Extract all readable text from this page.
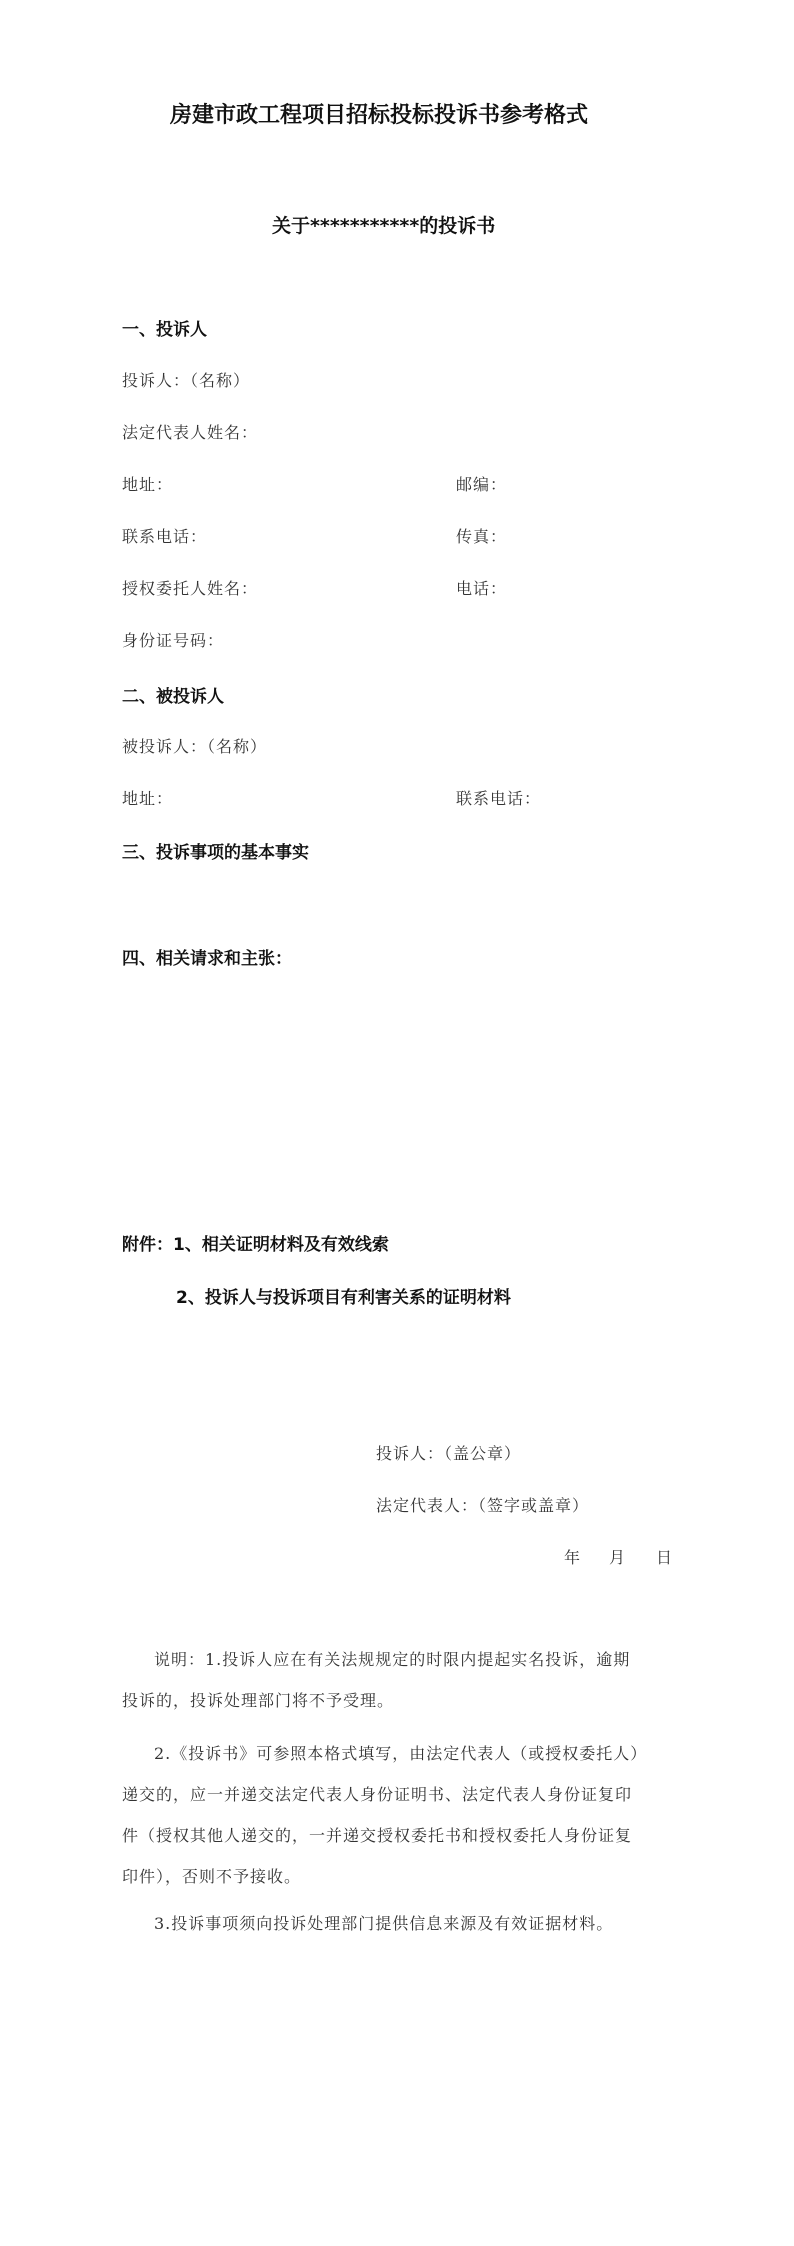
房建市政工程项目招标投标投诉书参考格式
关于***********的投诉书
一、投诉人
投诉人：（名称）
法定代表人姓名：
地址：	邮编：
联系电话：	传真：
授权委托人姓名：	电话：
身份证号码：
二、被投诉人
被投诉人：（名称）
地址：	联系电话：
三、投诉事项的基本事实
四、相关请求和主张：
附件：1、相关证明材料及有效线索
2、投诉人与投诉项目有利害关系的证明材料
投诉人：（盖公章）
法定代表人：（签字或盖章）
年 月 日
说明：1.投诉人应在有关法规规定的时限内提起实名投诉，逾期
投诉的，投诉处理部门将不予受理。
2.《投诉书》可参照本格式填写，由法定代表人（或授权委托人）
递交的，应一并递交法定代表人身份证明书、法定代表人身份证复印
件（授权其他人递交的，一并递交授权委托书和授权委托人身份证复
印件），否则不予接收。
3.投诉事项须向投诉处理部门提供信息来源及有效证据材料。
